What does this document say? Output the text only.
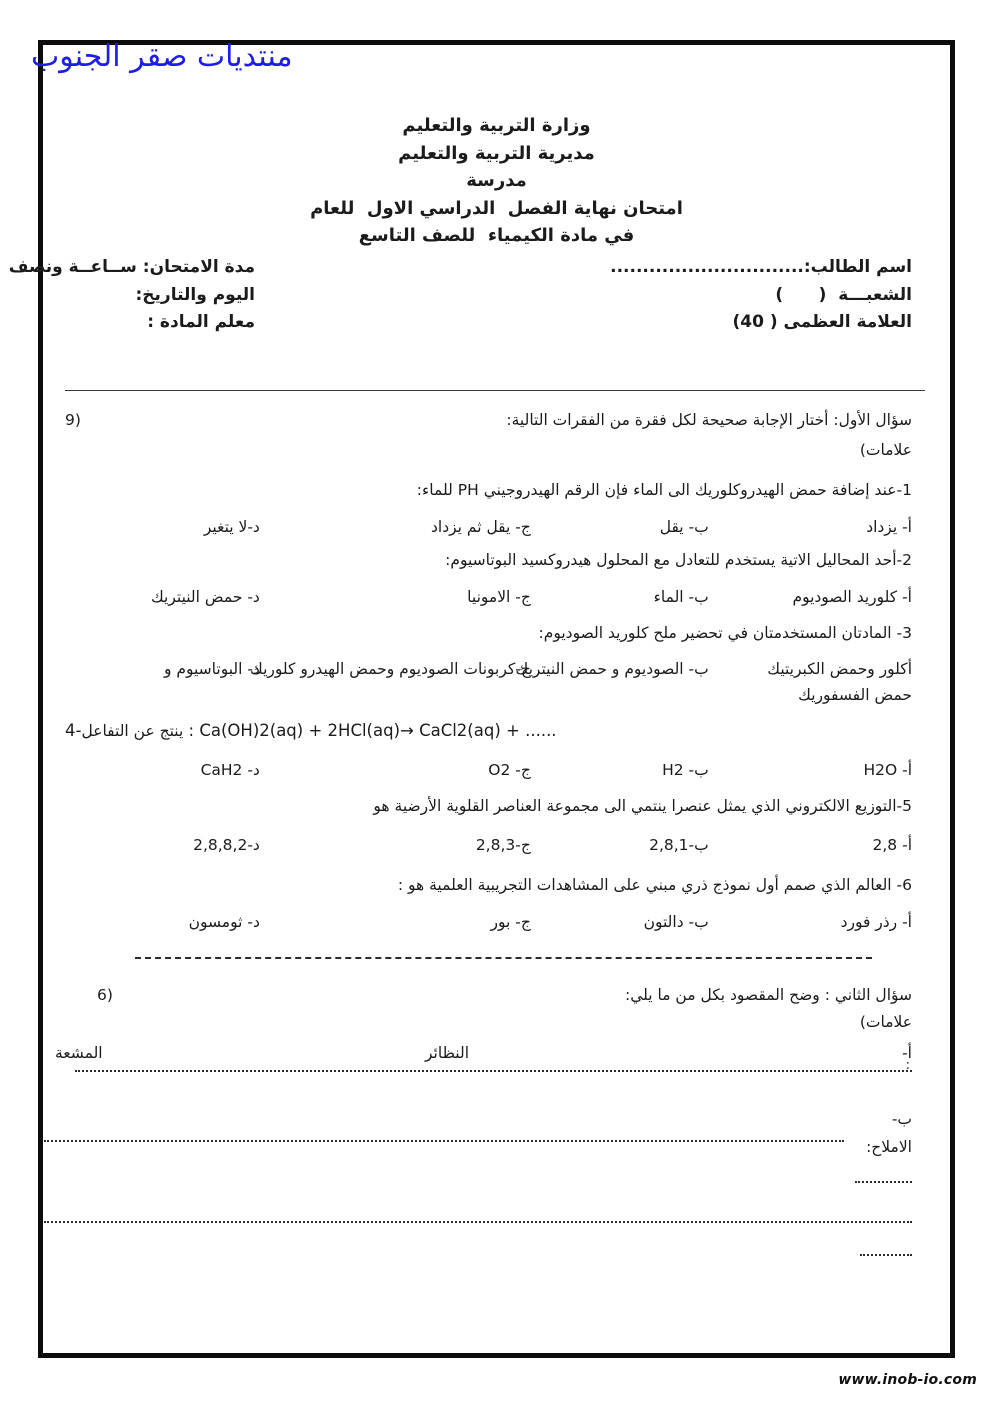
منتديات صقر الجنوب
وزارة التربية والتعليم
مديرية التربية والتعليم
مدرسة
امتحان نهاية الفصل  الدراسي الاول  للعام
في مادة الكيمياء  للصف التاسع
اسم الطالب:..............................
الشعبـــة  (      )
العلامة العظمى ( 40)
مدة الامتحان: ســاعــة ونصف
اليوم والتاريخ:
معلم المادة :
سؤال الأول: أختار الإجابة صحيحة لكل فقرة من الفقرات التالية:
(9
علامات)
1-عند إضافة حمض الهيدروكلوريك الى الماء فإن الرقم الهيدروجيني PH للماء:
أ- يزداد
ب- يقل
ج- يقل ثم يزداد
د-لا يتغير
2-أحد المحاليل الاتية يستخدم للتعادل مع المحلول هيدروكسيد البوتاسيوم:
أ- كلوريد الصوديوم
ب- الماء
ج- الامونيا
د- حمض النيتريك
3- المادتان المستخدمتان في تحضير ملح كلوريد الصوديوم:
أكلور وحمض الكبريتيك
ب- الصوديوم و حمض النيتريك
ج-كربونات الصوديوم وحمض الهيدرو كلوريك
د- البوتاسيوم و
حمض الفسفوريك
ينتج عن التفاعل-4 : Ca(OH)2(aq) + 2HCl(aq)→ CaCl2(aq) + ......
أ- H2O
ب- H2
ج- O2
د- CaH2
5-التوزيع الالكتروني الذي يمثل عنصرا ينتمي الى مجموعة العناصر القلوية الأرضية هو
أ- 2,8
ب-2,8,1
ج-2,8,3
د-2,8,8,2
6- العالم الذي صمم أول نموذج ذري مبني على المشاهدات التجريبية العلمية هو :
أ- رذر فورد
ب- دالتون
ج- بور
د- ثومسون
سؤال الثاني : وضح المقصود بكل من ما يلي:
(6
علامات)
أ-
النظائر
المشعة
:
ب-
الاملاح:
www.inob-io.com
